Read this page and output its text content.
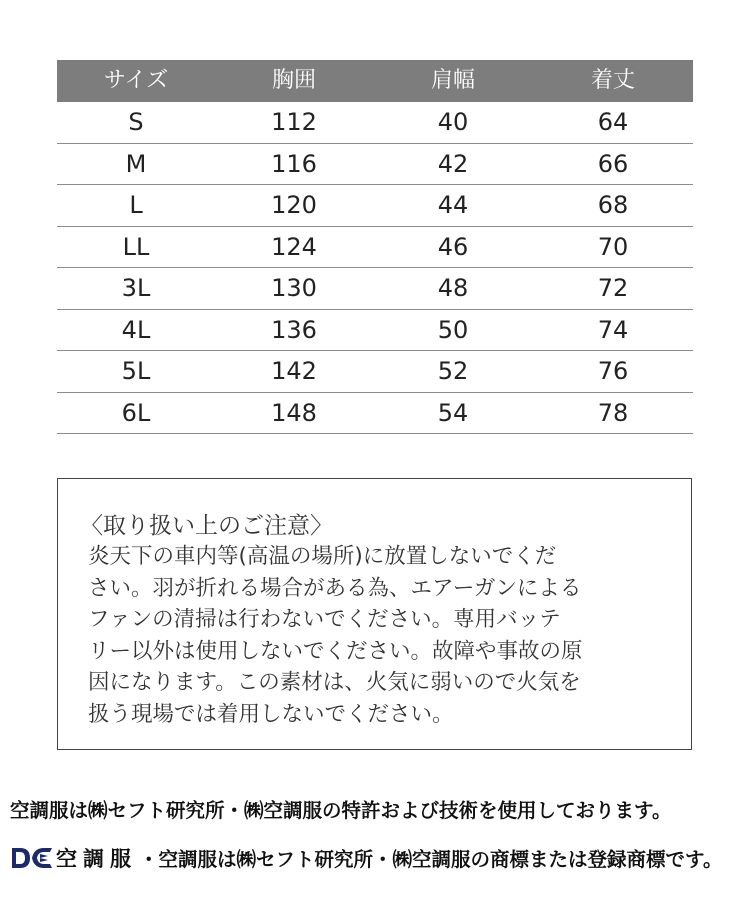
サイズ	胸囲	肩幅	着丈
S	112	40	64
M	116	42	66
L	120	44	68
LL	124	46	70
3L	130	48	72
4L	136	50	74
5L	142	52	76
6L	148	54	78
〈取り扱い上のご注意〉
炎天下の車内等(高温の場所)に放置しないでくだ
さい。羽が折れる場合がある為、エアーガンによる
ファンの清掃は行わないでください。専用バッテ
リー以外は使用しないでください。故障や事故の原
因になります。この素材は、火気に弱いので火気を
扱う現場では着用しないでください。
空調服は㈱セフト研究所・㈱空調服の特許および技術を使用しております。
空調服 ・空調服は㈱セフト研究所・㈱空調服の商標または登録商標です。
